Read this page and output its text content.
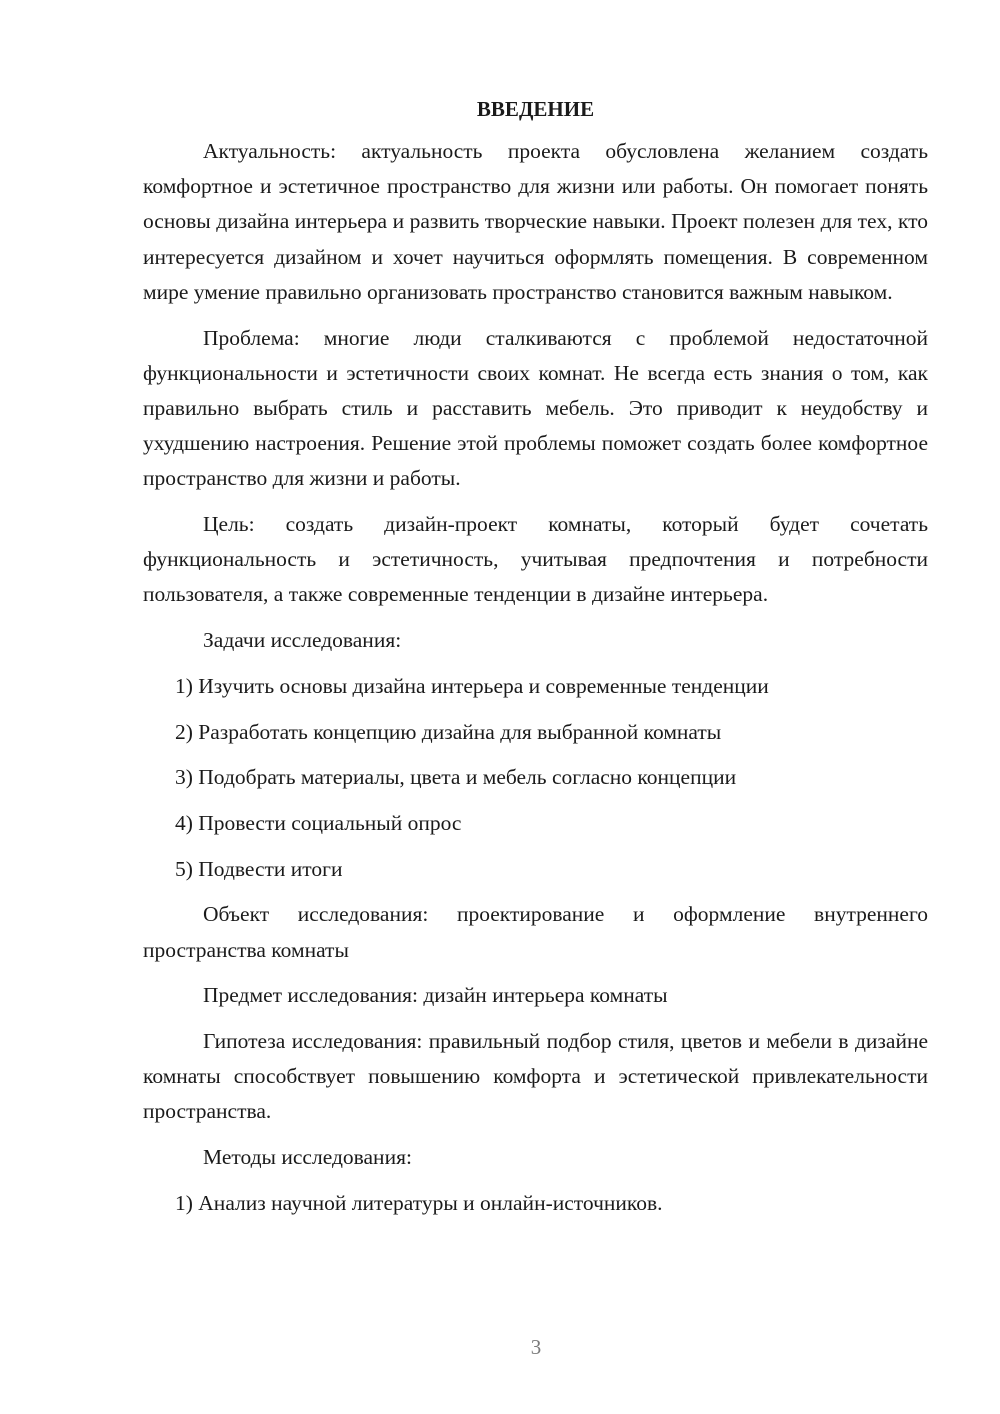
ВВЕДЕНИЕ

Актуальность: актуальность проекта обусловлена желанием создать комфортное и эстетичное пространство для жизни или работы. Он помогает понять основы дизайна интерьера и развить творческие навыки. Проект полезен для тех, кто интересуется дизайном и хочет научиться оформлять помещения. В современном мире умение правильно организовать пространство становится важным навыком.

Проблема: многие люди сталкиваются с проблемой недостаточной функциональности и эстетичности своих комнат. Не всегда есть знания о том, как правильно выбрать стиль и расставить мебель. Это приводит к неудобству и ухудшению настроения. Решение этой проблемы поможет создать более комфортное пространство для жизни и работы.

Цель: создать дизайн-проект комнаты, который будет сочетать функциональность и эстетичность, учитывая предпочтения и потребности пользователя, а также современные тенденции в дизайне интерьера.

Задачи исследования:

1) Изучить основы дизайна интерьера и современные тенденции

2) Разработать концепцию дизайна для выбранной комнаты

3) Подобрать материалы, цвета и мебель согласно концепции

4) Провести социальный опрос

5) Подвести итоги

Объект исследования: проектирование и оформление внутреннего пространства комнаты

Предмет исследования: дизайн интерьера комнаты

Гипотеза исследования: правильный подбор стиля, цветов и мебели в дизайне комнаты способствует повышению комфорта и эстетической привлекательности пространства.

Методы исследования:

1) Анализ научной литературы и онлайн-источников.

3
